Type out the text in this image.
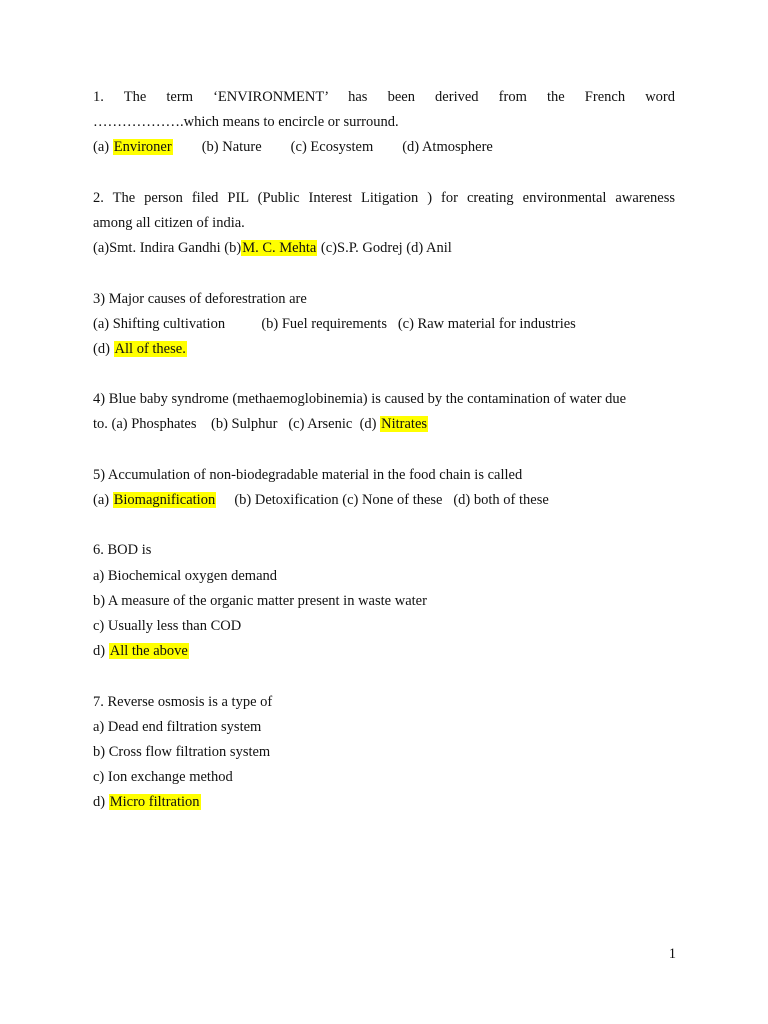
1. The term ‘ENVIRONMENT’ has been derived from the French word
……………….which means to encircle or surround.
(a) Environer        (b) Nature        (c) Ecosystem        (d) Atmosphere
2. The person filed PIL (Public Interest Litigation ) for creating environmental awareness
among all citizen of india.
(a)Smt. Indira Gandhi (b)M. C. Mehta (c)S.P. Godrej (d) Anil
3) Major causes of deforestration are
(a) Shifting cultivation          (b) Fuel requirements   (c) Raw material for industries
(d) All of these.
4) Blue baby syndrome (methaemoglobinemia) is caused by the contamination of water due
to. (a) Phosphates    (b) Sulphur   (c) Arsenic  (d) Nitrates
5) Accumulation of non-biodegradable material in the food chain is called
(a) Biomagnification     (b) Detoxification (c) None of these   (d) both of these
6. BOD is
a) Biochemical oxygen demand
b) A measure of the organic matter present in waste water
c) Usually less than COD
d) All the above
7. Reverse osmosis is a type of
a) Dead end filtration system
b) Cross flow filtration system
c) Ion exchange method
d) Micro filtration
1
